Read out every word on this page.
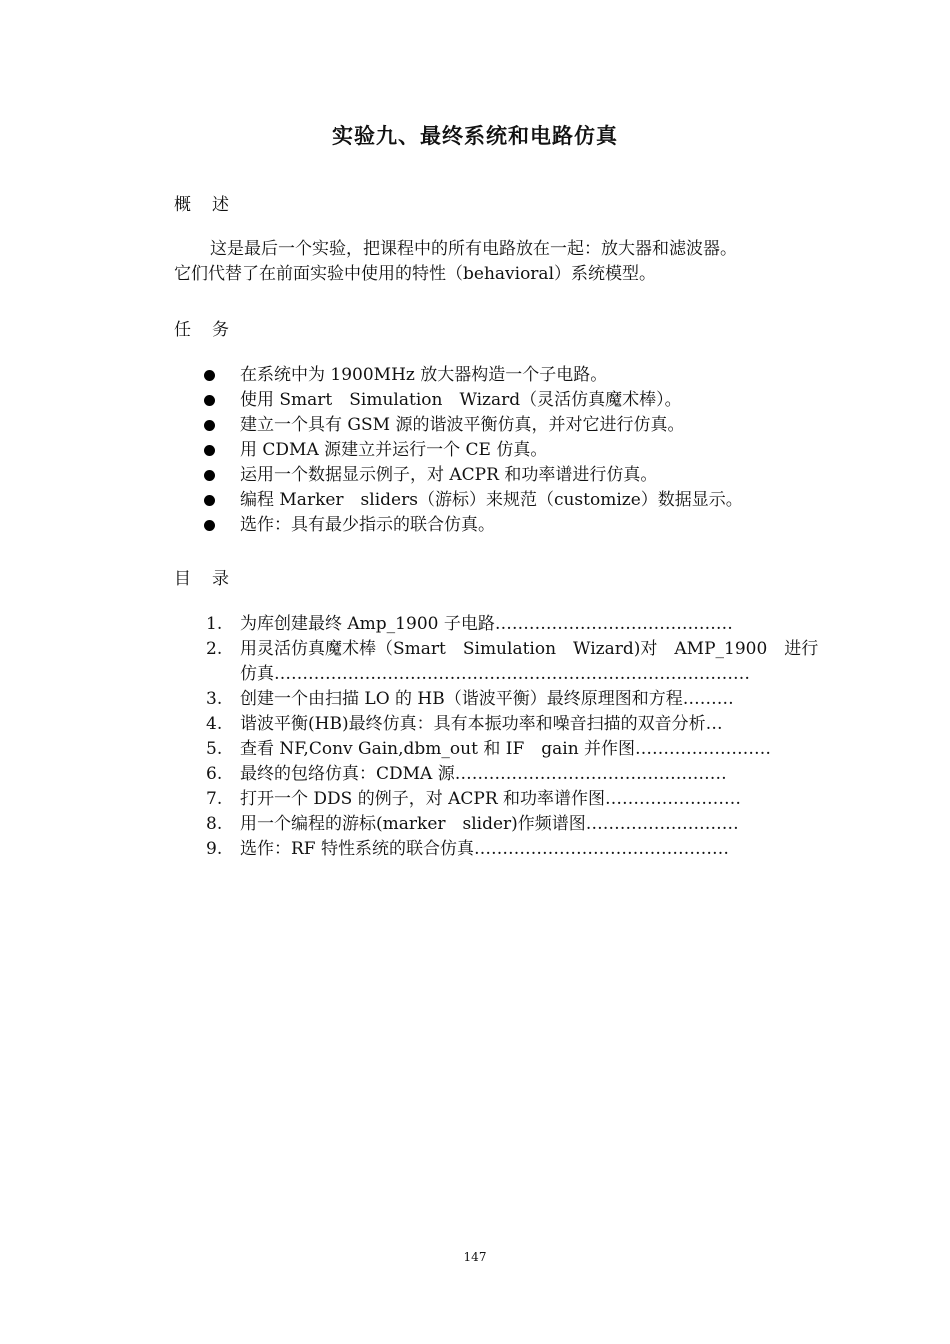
实验九、最终系统和电路仿真
概　述
这是最后一个实验，把课程中的所有电路放在一起：放大器和滤波器。
它们代替了在前面实验中使用的特性（behavioral）系统模型。
任　务
在系统中为 1900MHz 放大器构造一个子电路。
使用 Smart　Simulation　Wizard（灵活仿真魔术棒）。
建立一个具有 GSM 源的谐波平衡仿真，并对它进行仿真。
用 CDMA 源建立并运行一个 CE 仿真。
运用一个数据显示例子，对 ACPR 和功率谱进行仿真。
编程 Marker　sliders（游标）来规范（customize）数据显示。
选作：具有最少指示的联合仿真。
目　录
1. 为库创建最终 Amp_1900 子电路……………………………………
2. 用灵活仿真魔术棒（Smart　Simulation　Wizard)对　AMP_1900　进行
仿真…………………………………………………………………………
3. 创建一个由扫描 LO 的 HB（谐波平衡）最终原理图和方程………
4. 谐波平衡(HB)最终仿真：具有本振功率和噪音扫描的双音分析…
5. 查看 NF,Conv Gain,dbm_out 和 IF　gain 并作图……………………
6. 最终的包络仿真：CDMA 源…………………………………………
7. 打开一个 DDS 的例子，对 ACPR 和功率谱作图……………………
8. 用一个编程的游标(marker　slider)作频谱图………………………
9. 选作：RF 特性系统的联合仿真………………………………………
147
